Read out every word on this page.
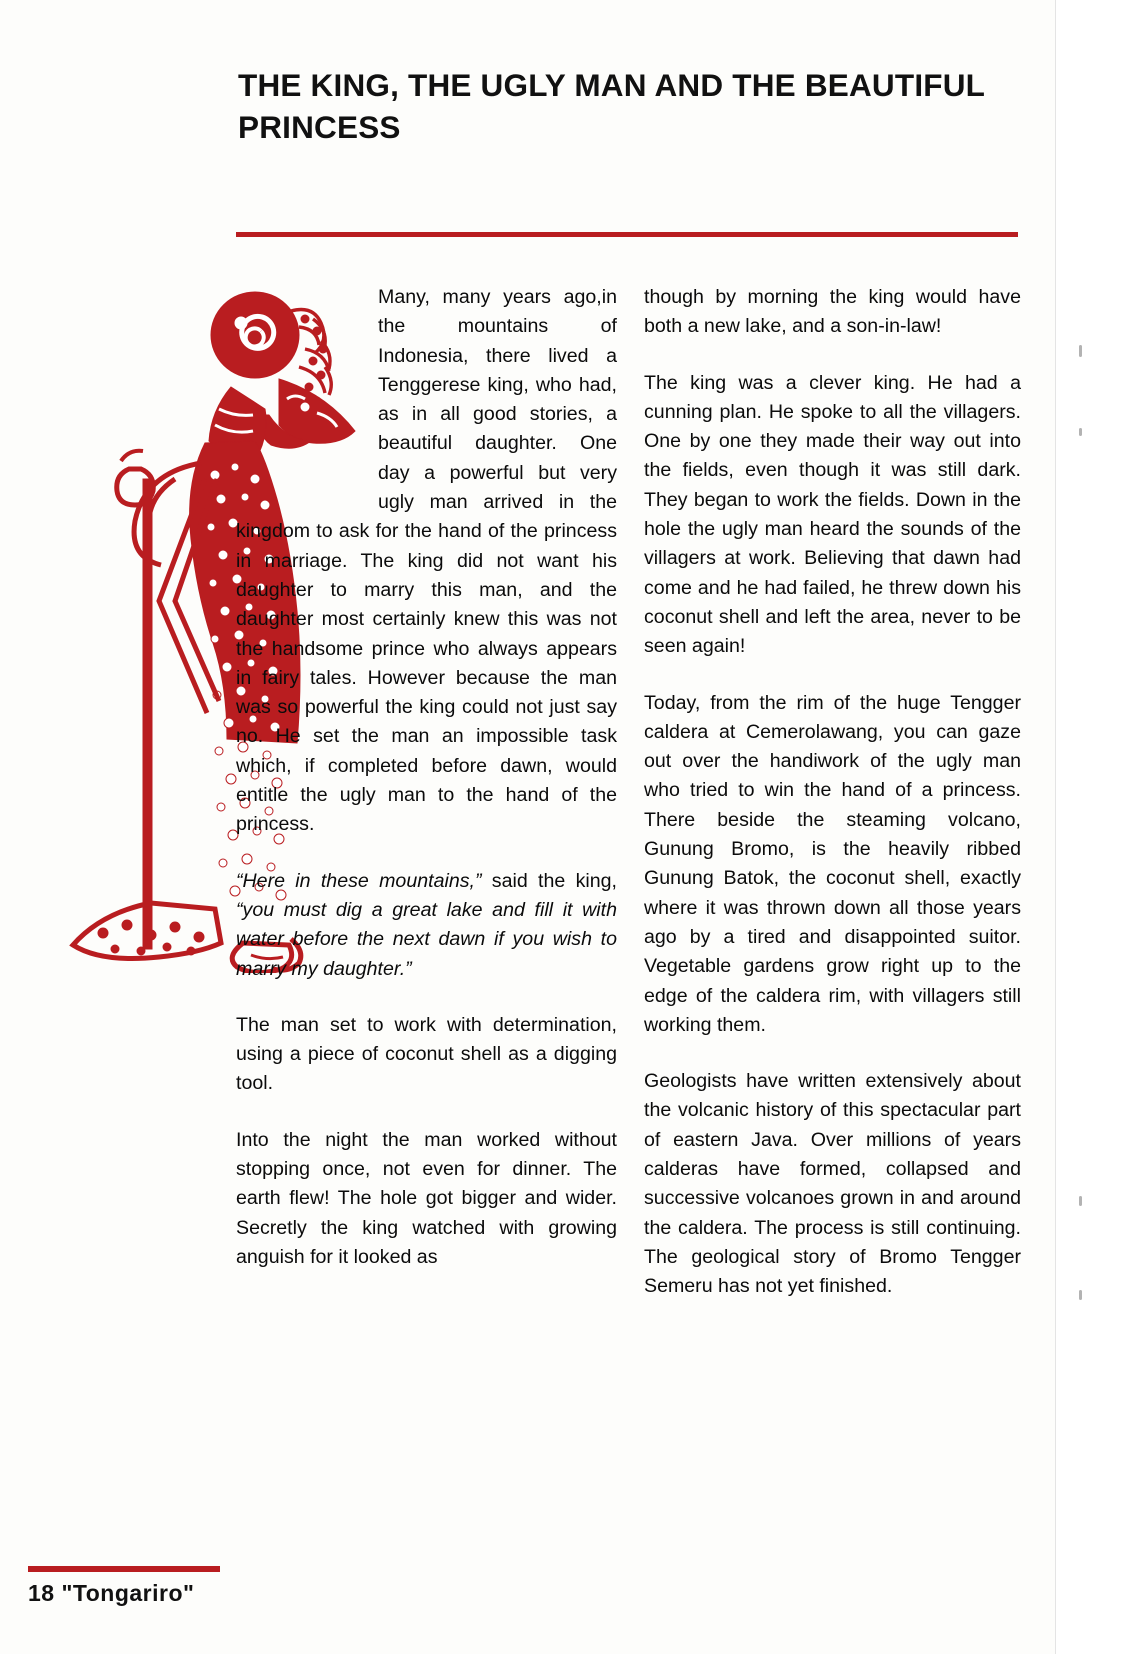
THE KING, THE UGLY MAN AND THE BEAUTIFUL PRINCESS

Many, many years ago,in the mountains of Indonesia, there lived a Tenggerese king, who had, as in all good stories, a beautiful daughter. One day a powerful but very ugly man arrived in the kingdom to ask for the hand of the princess in marriage. The king did not want his daughter to marry this man, and the daughter most certainly knew this was not the handsome prince who always appears in fairy tales. However because the man was so powerful the king could not just say no. He set the man an impossible task which, if completed before dawn, would entitle the ugly man to the hand of the princess.

“Here in these mountains,” said the king, “you must dig a great lake and fill it with water before the next dawn if you wish to marry my daughter.”

The man set to work with determination, using a piece of coconut shell as a digging tool.

Into the night the man worked without stopping once, not even for dinner. The earth flew! The hole got bigger and wider. Secretly the king watched with growing anguish for it looked as

though by morning the king would have both a new lake, and a son-in-law!

The king was a clever king. He had a cunning plan. He spoke to all the villagers. One by one they made their way out into the fields, even though it was still dark. They began to work the fields. Down in the hole the ugly man heard the sounds of the villagers at work. Believing that dawn had come and he had failed, he threw down his coconut shell and left the area, never to be seen again!

Today, from the rim of the huge Tengger caldera at Cemerolawang, you can gaze out over the handiwork of the ugly man who tried to win the hand of a princess. There beside the steaming volcano, Gunung Bromo, is the heavily ribbed Gunung Batok, the coconut shell, exactly where it was thrown down all those years ago by a tired and disappointed suitor. Vegetable gardens grow right up to the edge of the caldera rim, with villagers still working them.

Geologists have written extensively about the volcanic history of this spectacular part of eastern Java. Over millions of years calderas have formed, collapsed and successive volcanoes grown in and around the caldera. The process is still continuing. The geological story of Bromo Tengger Semeru has not yet finished.

18 "Tongariro"
